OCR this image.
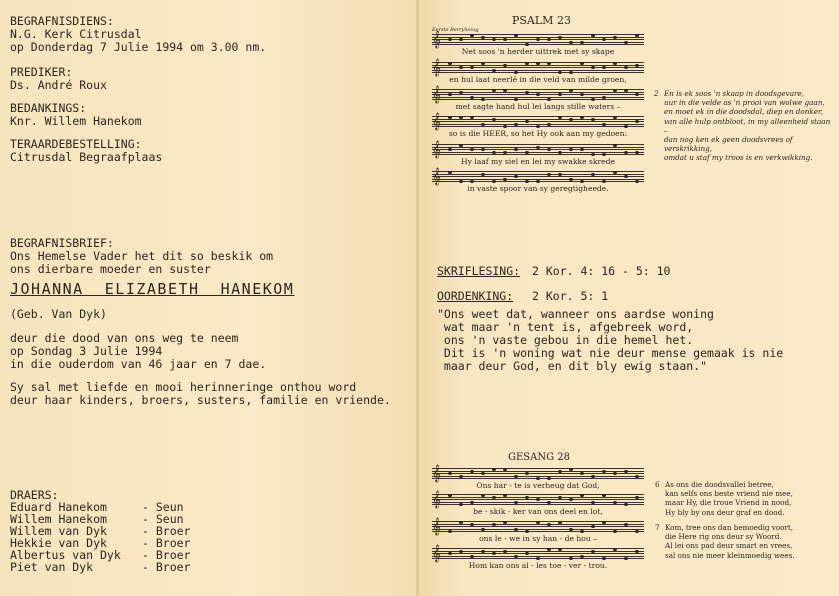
BEGRAFNISDIENS:
N.G. Kerk Citrusdal
op Donderdag 7 Julie 1994 om 3.00 nm.
PREDIKER:
Ds. André Roux
BEDANKINGS:
Knr. Willem Hanekom
TERAARDEBESTELLING:
Citrusdal Begraafplaas
BEGRAFNISBRIEF:
Ons Hemelse Vader het dit so beskik om
ons dierbare moeder en suster
JOHANNA  ELIZABETH  HANEKOM
(Geb. Van Dyk)
deur die dood van ons weg te neem
op Sondag 3 Julie 1994
in die ouderdom van 46 jaar en 7 dae.
Sy sal met liefde en mooi herinneringe onthou word
deur haar kinders, broers, susters, familie en vriende.
DRAERS:
Eduard Hanekom	- Seun
Willem Hanekom	- Seun
Willem van Dyk	- Broer
Hekkie van Dyk	- Broer
Albertus van Dyk - Broer
Piet van Dyk	- Broer
PSALM 23
Eerste Berryheiug
𝄞
𝄞
𝄞
𝄞
𝄞
𝄞
Net soos 'n herder uittrek met sy skape
en hul laat neerlê in die veld van milde groen,
met sagte hand hul lei langs stille waters –
so is die HEER, so het Hy ook aan my gedoen:
Hy laaf my siel en lei my swakke skrede
in vaste spoor van sy geregtigheede.
2 En is ek soos 'n skaap in doodsgevare,
uur in die velde as 'n prooi van wolwe gaan,
en moet ek in die doodsdal, diep en donker,
van alle hulp ontbloot, in my alleenheid staan –
dan nog ken ek geen doodsvrees of verskrikking,
omdat u staf my troos is en verkwikking.
SKRIFLESING: 2 Kor. 4: 16 - 5: 10
OORDENKING: 2 Kor. 5: 1
"Ons weet dat, wanneer ons aardse woning
wat maar 'n tent is, afgebreek word,
ons 'n vaste gebou in die hemel het.
Dit is 'n woning wat nie deur mense gemaak is nie
maar deur God, en dit bly ewig staan."
GESANG 28
𝄞
𝄞
𝄞
𝄞
Ons har - te is verheug dat God,
be - skik - ker van ons deel en lot,
ons le - we in sy han - de hou –
Hom kan ons al - les toe - ver - trou.
6 As ons die doodsvallei betree,
kan selfs ons beste vriend nie mee,
maar Hy, die troue Vriend in nood,
Hy bly by ons deur graf en dood.
7 Kom, tree ons dan bemoedig voort,
die Here rig ons deur sy Woord.
Al lei ons pad deur smart en vrees,
sal ons nie meer kleinmoedig wees.
